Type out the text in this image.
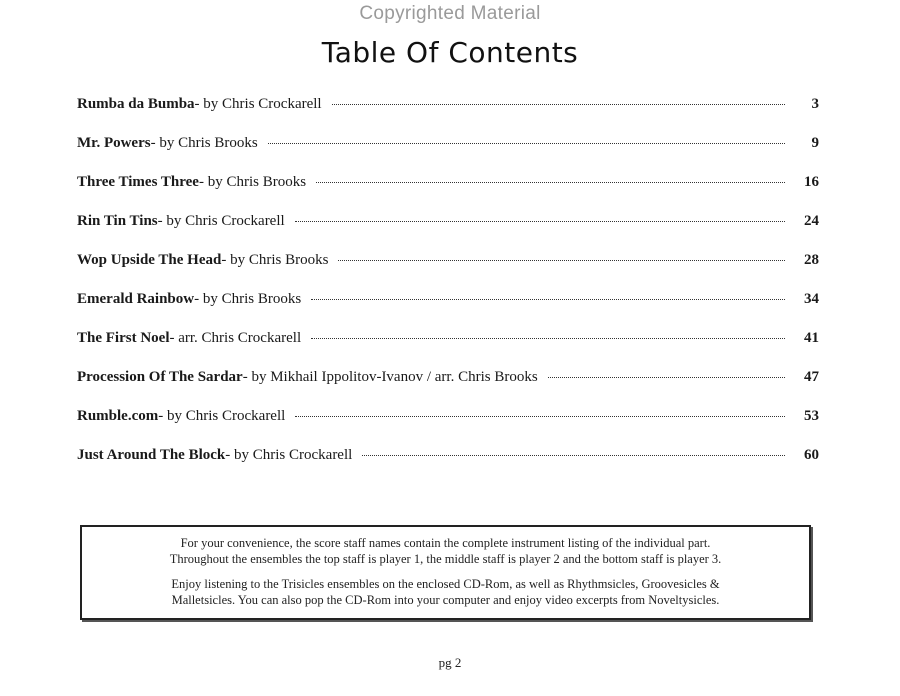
Copyrighted Material
Table Of Contents
Rumba da Bumba - by Chris Crockarell	3
Mr. Powers - by Chris Brooks	9
Three Times Three - by Chris Brooks	16
Rin Tin Tins - by Chris Crockarell	24
Wop Upside The Head - by Chris Brooks	28
Emerald Rainbow - by Chris Brooks	34
The First Noel - arr. Chris Crockarell	41
Procession Of The Sardar - by Mikhail Ippolitov-Ivanov / arr. Chris Brooks	47
Rumble.com - by Chris Crockarell	53
Just Around The Block - by Chris Crockarell	60

For your convenience, the score staff names contain the complete instrument listing of the individual part.
Throughout the ensembles the top staff is player 1, the middle staff is player 2 and the bottom staff is player 3.

Enjoy listening to the Trisicles ensembles on the enclosed CD-Rom, as well as Rhythmsicles, Groovesicles &
Malletsicles. You can also pop the CD-Rom into your computer and enjoy video excerpts from Noveltysicles.

pg 2
